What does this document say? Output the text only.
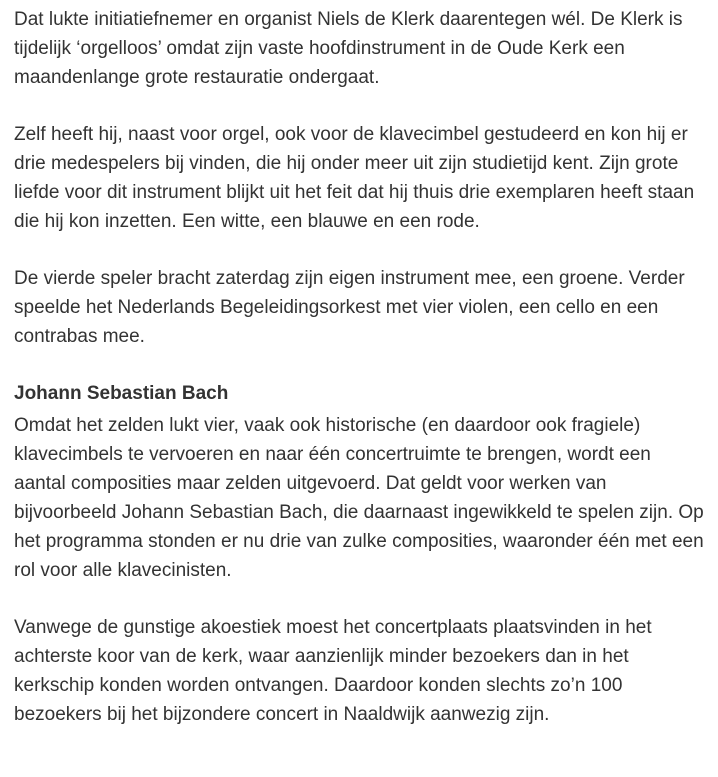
Dat lukte initiatiefnemer en organist Niels de Klerk daarentegen wél. De Klerk is tijdelijk ‘orgelloos’ omdat zijn vaste hoofdinstrument in de Oude Kerk een maandenlange grote restauratie ondergaat.

Zelf heeft hij, naast voor orgel, ook voor de klavecimbel gestudeerd en kon hij er drie medespelers bij vinden, die hij onder meer uit zijn studietijd kent. Zijn grote liefde voor dit instrument blijkt uit het feit dat hij thuis drie exemplaren heeft staan die hij kon inzetten. Een witte, een blauwe en een rode.

De vierde speler bracht zaterdag zijn eigen instrument mee, een groene. Verder speelde het Nederlands Begeleidingsorkest met vier violen, een cello en een contrabas mee.

Johann Sebastian Bach

Omdat het zelden lukt vier, vaak ook historische (en daardoor ook fragiele) klavecimbels te vervoeren en naar één concertruimte te brengen, wordt een aantal composities maar zelden uitgevoerd. Dat geldt voor werken van bijvoorbeeld Johann Sebastian Bach, die daarnaast ingewikkeld te spelen zijn. Op het programma stonden er nu drie van zulke composities, waaronder één met een rol voor alle klavecinisten.

Vanwege de gunstige akoestiek moest het concertplaats plaatsvinden in het achterste koor van de kerk, waar aanzienlijk minder bezoekers dan in het kerkschip konden worden ontvangen. Daardoor konden slechts zo’n 100 bezoekers bij het bijzondere concert in Naaldwijk aanwezig zijn.
